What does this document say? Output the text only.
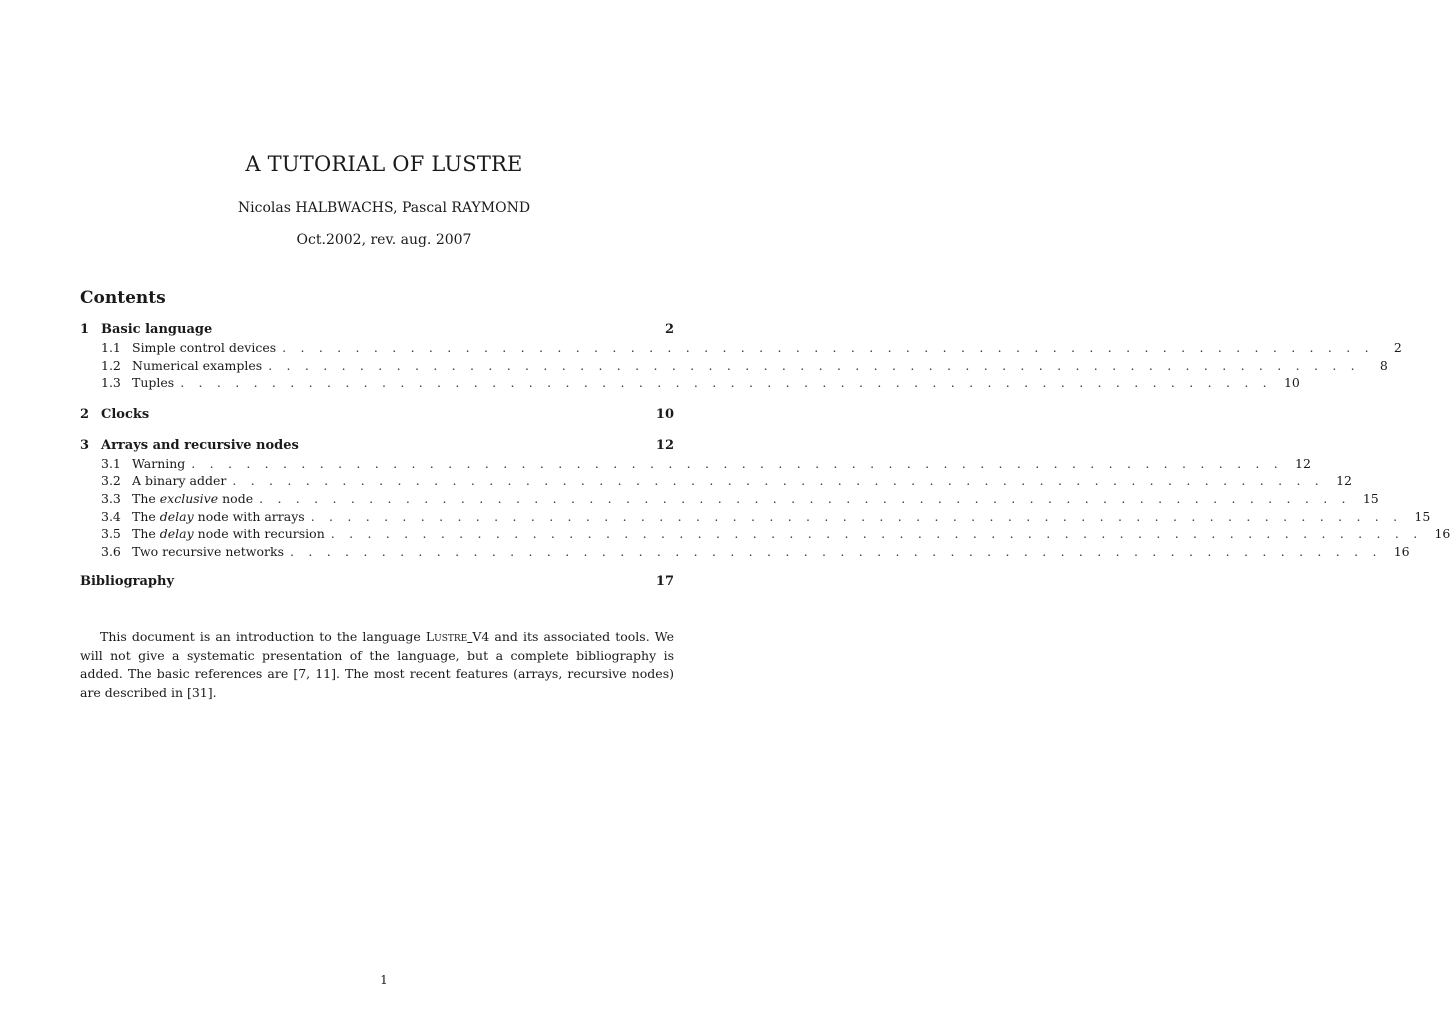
A TUTORIAL OF LUSTRE
Nicolas HALBWACHS, Pascal RAYMOND
Oct.2002, rev. aug. 2007
Contents
1 Basic language	2
1.1 Simple control devices . . . . . . . . . . . . . . . . . . . . . . . . . . . . . . . . . . . . . . . . . . . . . . . . . . . . . . . . . . . .	2
1.2 Numerical examples . . . . . . . . . . . . . . . . . . . . . . . . . . . . . . . . . . . . . . . . . . . . . . . . . . . . . . . . . . . .	8
1.3 Tuples . . . . . . . . . . . . . . . . . . . . . . . . . . . . . . . . . . . . . . . . . . . . . . . . . . . . . . . . . . . . 10
2 Clocks	10
3 Arrays and recursive nodes	12
3.1 Warning . . . . . . . . . . . . . . . . . . . . . . . . . . . . . . . . . . . . . . . . . . . . . . . . . . . . . . . . . . . . 12
3.2 A binary adder . . . . . . . . . . . . . . . . . . . . . . . . . . . . . . . . . . . . . . . . . . . . . . . . . . . . . . . . . . . . 12
3.3 The exclusive node . . . . . . . . . . . . . . . . . . . . . . . . . . . . . . . . . . . . . . . . . . . . . . . . . . . . . . . . . . . . 15
3.4 The delay node with arrays . . . . . . . . . . . . . . . . . . . . . . . . . . . . . . . . . . . . . . . . . . . . . . . . . . . . . . . . . . . . 15
3.5 The delay node with recursion . . . . . . . . . . . . . . . . . . . . . . . . . . . . . . . . . . . . . . . . . . . . . . . . . . . . . . . . . . . . 16
3.6 Two recursive networks . . . . . . . . . . . . . . . . . . . . . . . . . . . . . . . . . . . . . . . . . . . . . . . . . . . . . . . . . . . . 16
Bibliography	17
This document is an introduction to the language Lustre V4 and its associated tools. We will not give a systematic presentation of the language, but a complete bibliography is added. The basic references are [7, 11]. The most recent features (arrays, recursive nodes) are described in [31].
1
